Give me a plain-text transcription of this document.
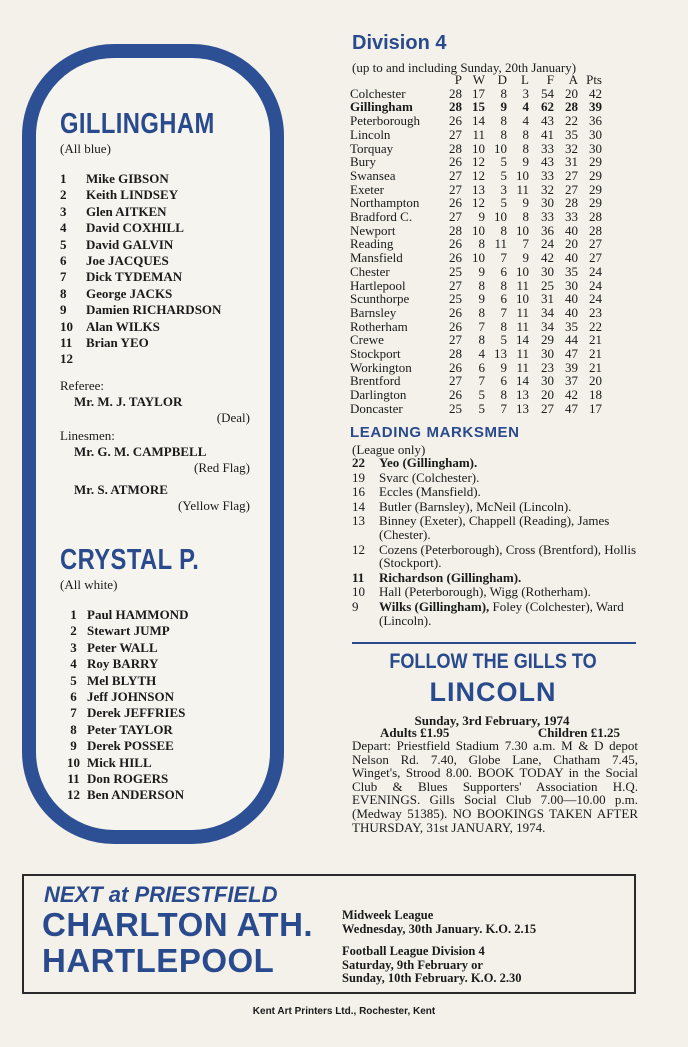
GILLINGHAM
(All blue)
1 Mike GIBSON
2 Keith LINDSEY
3 Glen AITKEN
4 David COXHILL
5 David GALVIN
6 Joe JACQUES
7 Dick TYDEMAN
8 George JACKS
9 Damien RICHARDSON
10 Alan WILKS
11 Brian YEO
12
Referee:
Mr. M. J. TAYLOR
(Deal)
Linesmen:
Mr. G. M. CAMPBELL
(Red Flag)
Mr. S. ATMORE
(Yellow Flag)
CRYSTAL P.
(All white)
1 Paul HAMMOND
2 Stewart JUMP
3 Peter WALL
4 Roy BARRY
5 Mel BLYTH
6 Jeff JOHNSON
7 Derek JEFFRIES
8 Peter TAYLOR
9 Derek POSSEE
10 Mick HILL
11 Don ROGERS
12 Ben ANDERSON
Division 4
(up to and including Sunday, 20th January)
	P	W	D	L	F	A	Pts
Colchester	28	17	8	3	54	20	42
Gillingham	28	15	9	4	62	28	39
Peterborough	26	14	8	4	43	22	36
Lincoln	27	11	8	8	41	35	30
Torquay	28	10	10	8	33	32	30
Bury	26	12	5	9	43	31	29
Swansea	27	12	5	10	33	27	29
Exeter	27	13	3	11	32	27	29
Northampton	26	12	5	9	30	28	29
Bradford C.	27	9	10	8	33	33	28
Newport	28	10	8	10	36	40	28
Reading	26	8	11	7	24	20	27
Mansfield	26	10	7	9	42	40	27
Chester	25	9	6	10	30	35	24
Hartlepool	27	8	8	11	25	30	24
Scunthorpe	25	9	6	10	31	40	24
Barnsley	26	8	7	11	34	40	23
Rotherham	26	7	8	11	34	35	22
Crewe	27	8	5	14	29	44	21
Stockport	28	4	13	11	30	47	21
Workington	26	6	9	11	23	39	21
Brentford	27	7	6	14	30	37	20
Darlington	26	5	8	13	20	42	18
Doncaster	25	5	7	13	27	47	17
LEADING MARKSMEN
(League only)
22	Yeo (Gillingham).
19	Svarc (Colchester).
16	Eccles (Mansfield).
14	Butler (Barnsley), McNeil (Lincoln).
13	Binney (Exeter), Chappell (Reading), James (Chester).
12	Cozens (Peterborough), Cross (Brentford), Hollis (Stockport).
11	Richardson (Gillingham).
10	Hall (Peterborough), Wigg (Rotherham).
9	Wilks (Gillingham), Foley (Colchester), Ward (Lincoln).
FOLLOW THE GILLS TO
LINCOLN
Sunday, 3rd February, 1974
Adults £1.95	Children £1.25
Depart: Priestfield Stadium 7.30 a.m. M & D depot Nelson Rd. 7.40, Globe Lane, Chatham 7.45, Winget's, Strood 8.00. BOOK TODAY in the Social Club & Blues Supporters' Association H.Q. EVENINGS. Gills Social Club 7.00—10.00 p.m. (Medway 51385). NO BOOKINGS TAKEN AFTER THURSDAY, 31st JANUARY, 1974.
NEXT at PRIESTFIELD
CHARLTON ATH.
HARTLEPOOL
Midweek League
Wednesday, 30th January. K.O. 2.15
Football League Division 4
Saturday, 9th February or
Sunday, 10th February. K.O. 2.30
Kent Art Printers Ltd., Rochester, Kent
